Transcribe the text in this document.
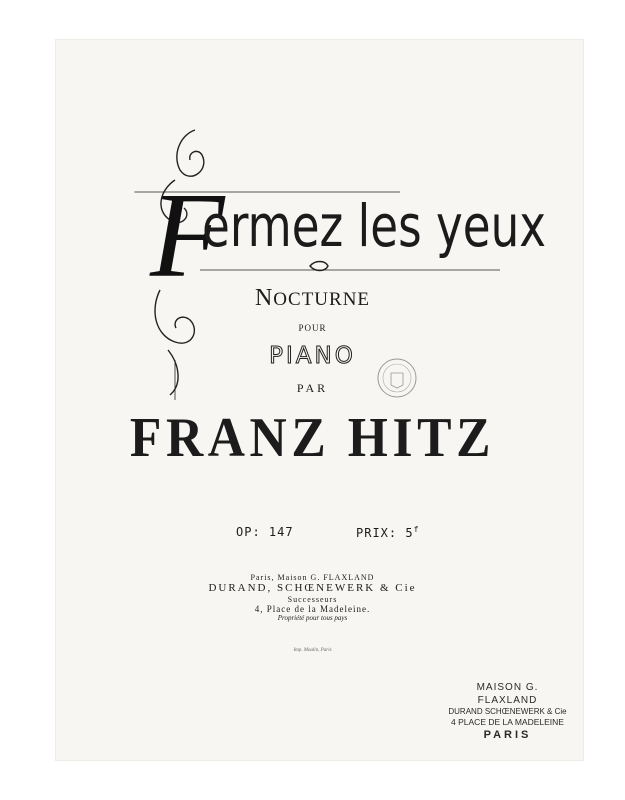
F
ermez les yeux
NOCTURNE
POUR
PIANO
PAR
FRANZ HITZ
OP: 147	PRIX: 5$^f$
Paris, Maison G. FLAXLAND
DURAND, SCHŒNEWERK & Cie
Successeurs
4, Place de la Madeleine.
Propriété pour tous pays
Imp. Moulin, Paris
MAISON G. FLAXLAND
DURAND SCHŒNEWERK & Cie
4 PLACE DE LA MADELEINE
PARIS
